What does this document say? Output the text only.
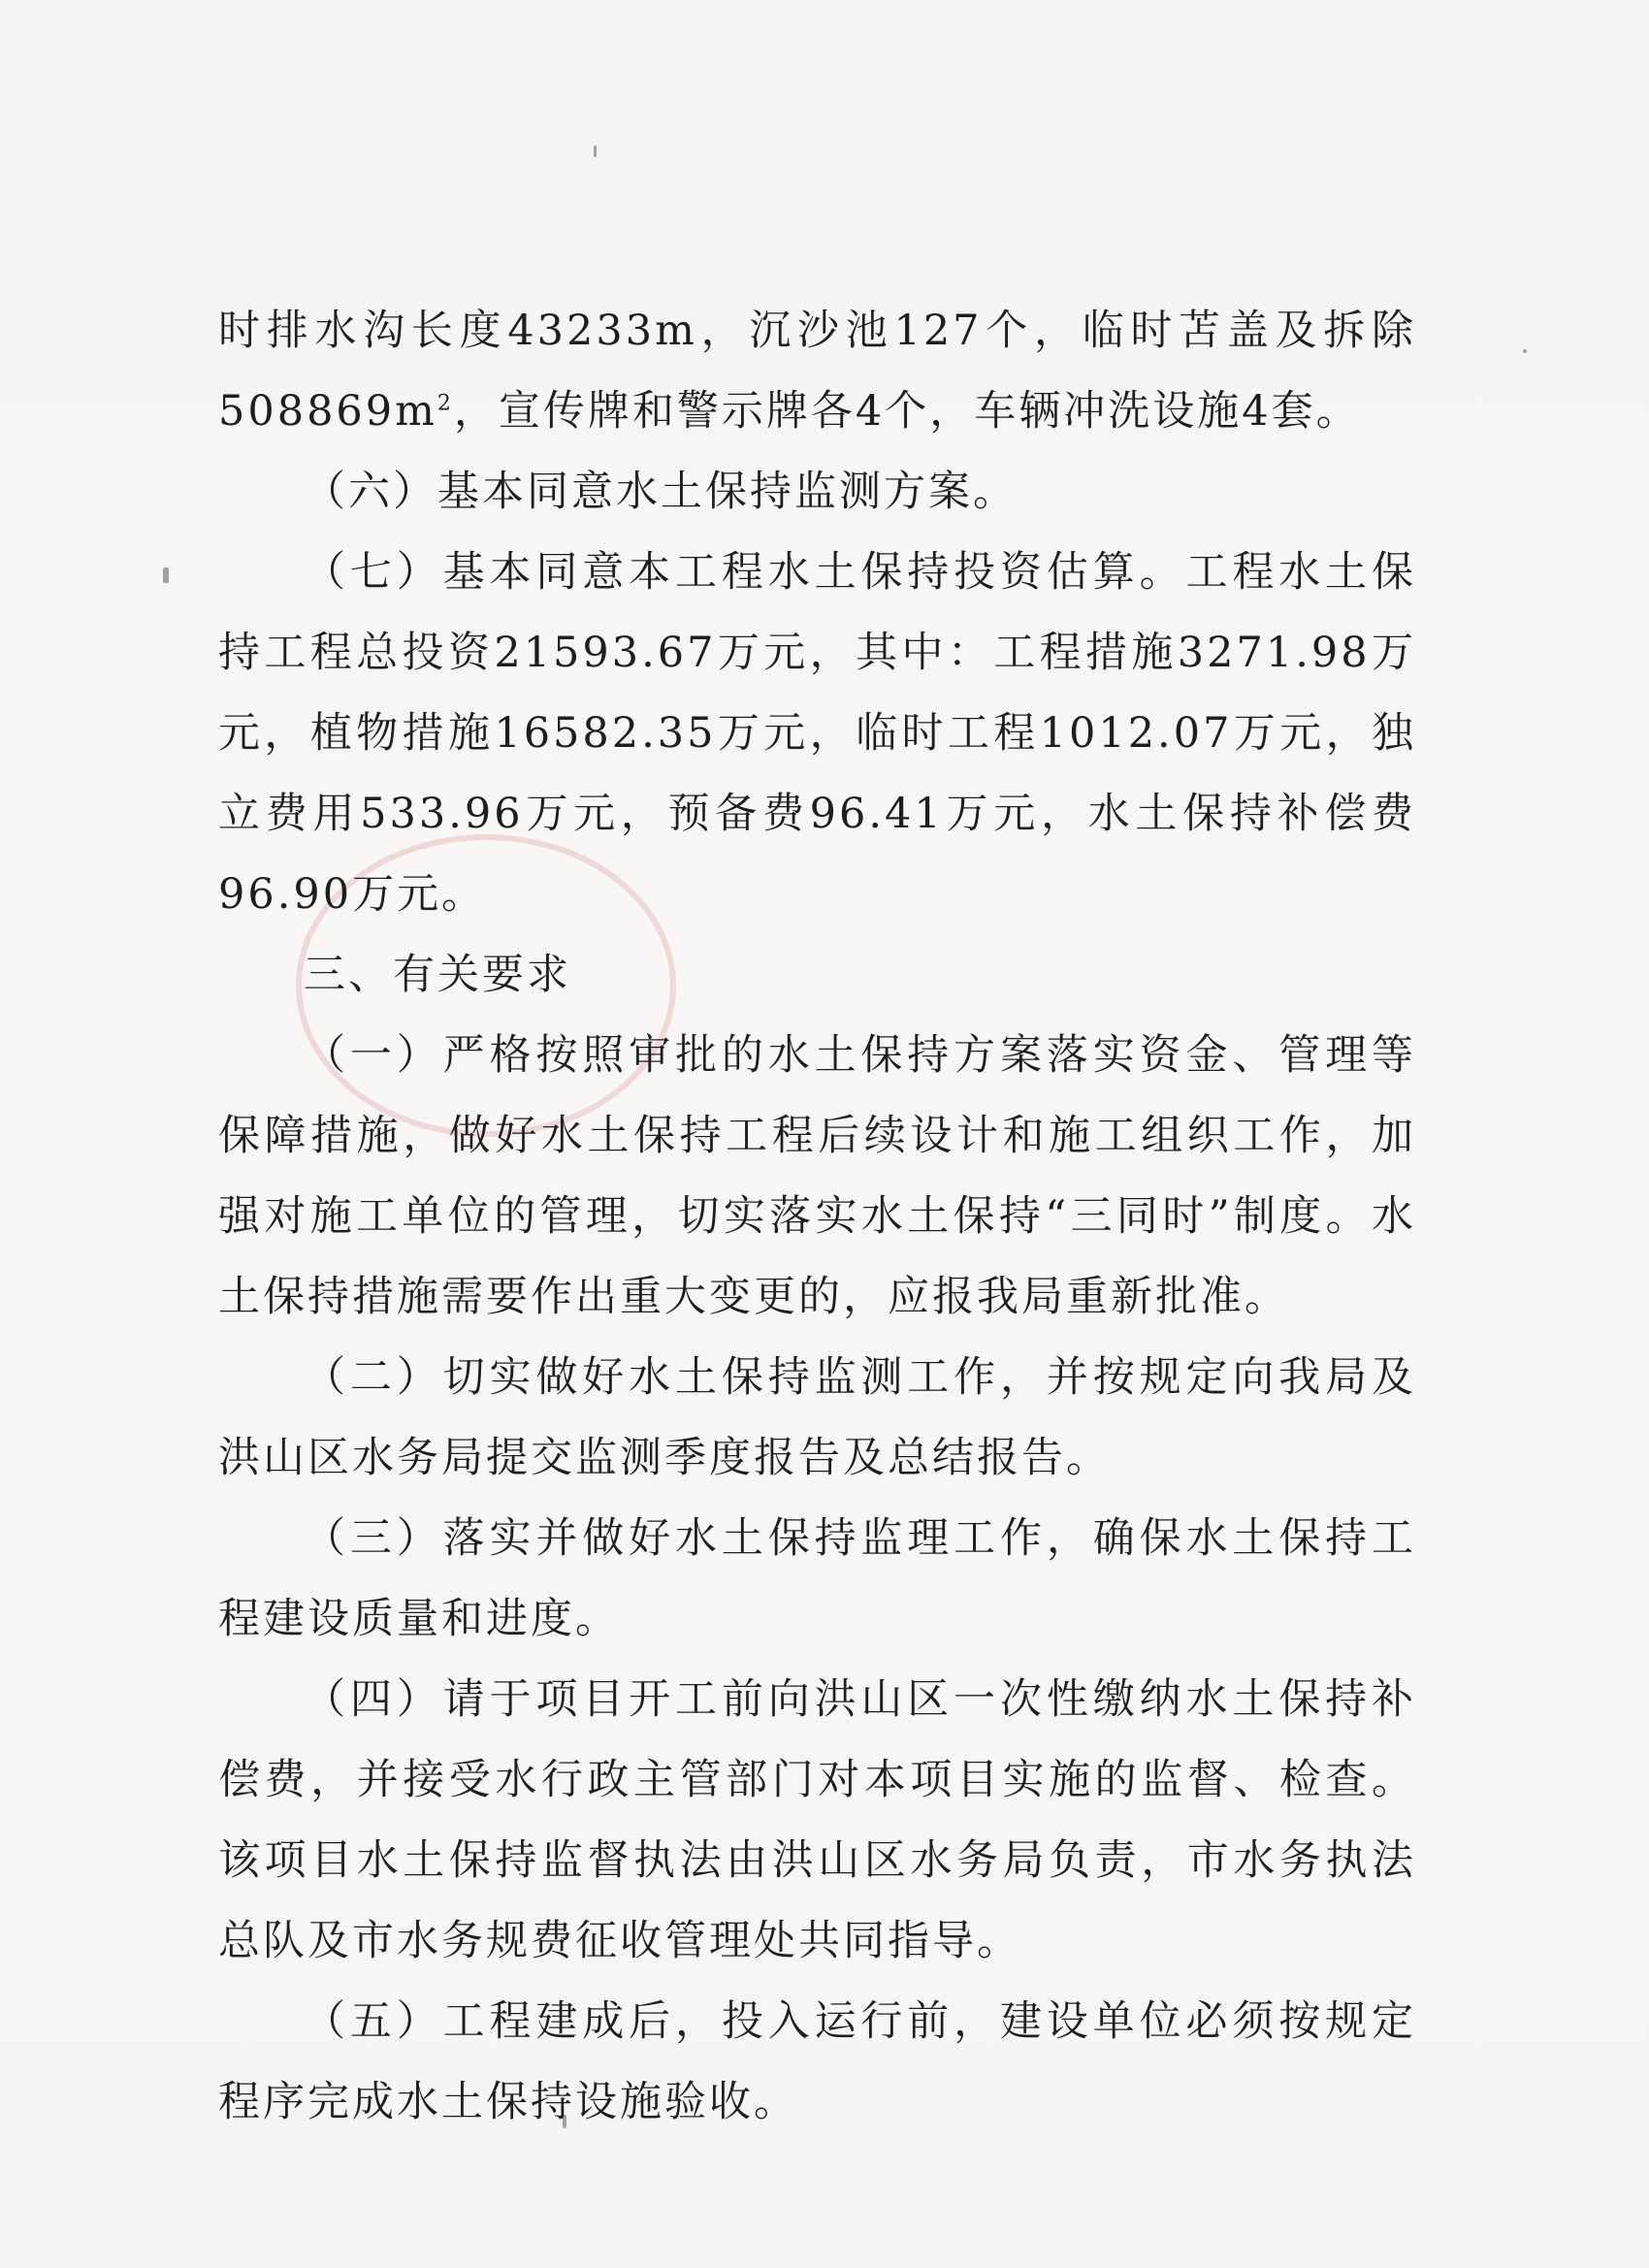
时排水沟长度43233m，沉沙池127个，临时苫盖及拆除$508869m^2$，宣传牌和警示牌各4个，车辆冲洗设施4套。

（六）基本同意水土保持监测方案。

（七）基本同意本工程水土保持投资估算。工程水土保持工程总投资21593.67万元，其中：工程措施3271.98万元，植物措施16582.35万元，临时工程1012.07万元，独立费用533.96万元，预备费96.41万元，水土保持补偿费96.90万元。

三、有关要求

（一）严格按照审批的水土保持方案落实资金、管理等保障措施，做好水土保持工程后续设计和施工组织工作，加强对施工单位的管理，切实落实水土保持“三同时”制度。水土保持措施需要作出重大变更的，应报我局重新批准。

（二）切实做好水土保持监测工作，并按规定向我局及洪山区水务局提交监测季度报告及总结报告。

（三）落实并做好水土保持监理工作，确保水土保持工程建设质量和进度。

（四）请于项目开工前向洪山区一次性缴纳水土保持补偿费，并接受水行政主管部门对本项目实施的监督、检查。该项目水土保持监督执法由洪山区水务局负责，市水务执法总队及市水务规费征收管理处共同指导。

（五）工程建成后，投入运行前，建设单位必须按规定程序完成水土保持设施验收。
